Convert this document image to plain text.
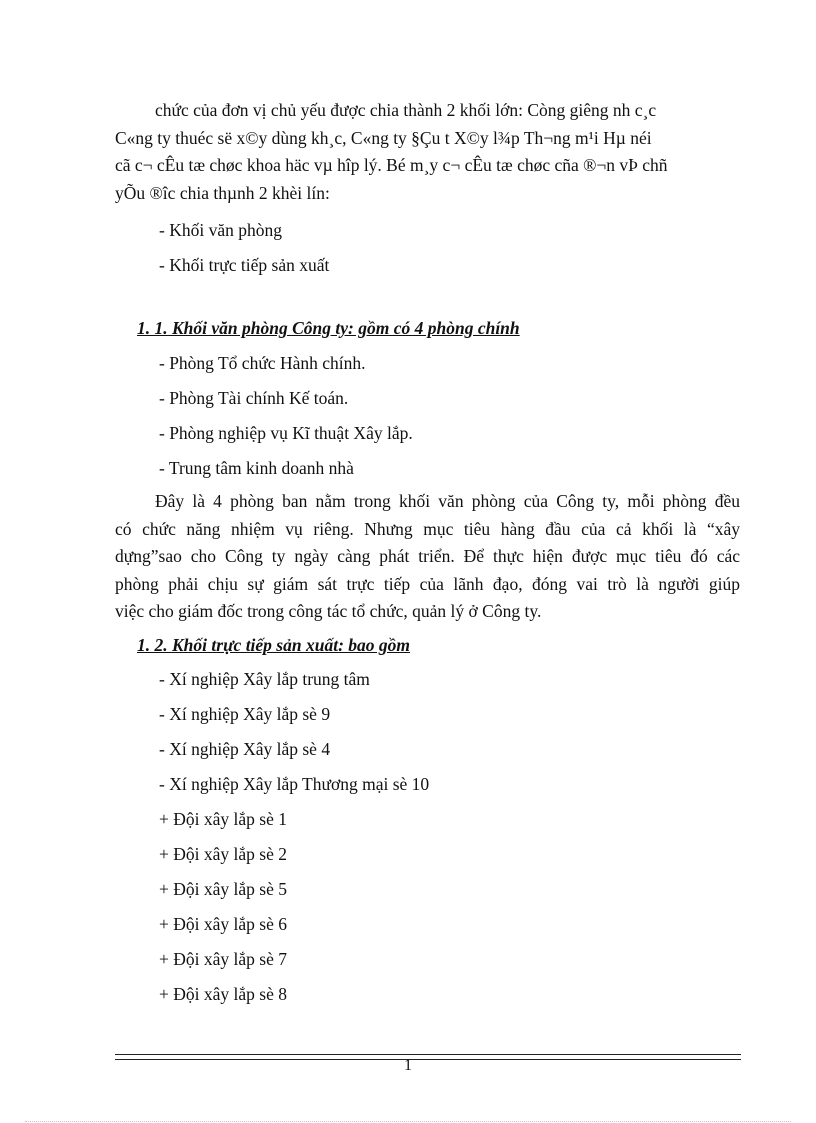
chức của đơn vị chủ yếu được chia thành 2 khối lớn: Còng giêng nh c¸c
C«ng ty thuéc së x©y dùng kh¸c, C«ng ty §Çu t X©y l¾p Th¬ng m¹i Hµ néi
cã c¬ cÊu tæ chøc khoa häc vµ hîp lý. Bé m¸y c¬ cÊu tæ chøc cña ®¬n vÞ chñ
yÕu ®îc chia thµnh 2 khèi lín:
- Khối văn phòng
- Khối trực tiếp sản xuất
1. 1. Khối văn phòng Công ty: gồm có 4 phòng chính
- Phòng Tổ chức Hành chính.
- Phòng Tài chính Kế toán.
- Phòng nghiệp vụ Kĩ thuật Xây lắp.
- Trung tâm kinh doanh nhà
Đây là 4 phòng ban nằm trong khối văn phòng của Công ty, mỗi phòng đều
có chức năng nhiệm vụ riêng. Nhưng mục tiêu hàng đầu của cả khối là “xây
dựng”sao cho Công ty ngày càng phát triển. Để thực hiện được mục tiêu đó các
phòng phải chịu sự giám sát trực tiếp của lãnh đạo, đóng vai trò là người giúp
việc cho giám đốc trong công tác tổ chức, quản lý ở Công ty.
1. 2. Khối trực tiếp sản xuất: bao gồm
- Xí nghiệp Xây lắp trung tâm
- Xí nghiệp Xây lắp sè 9
- Xí nghiệp Xây lắp sè 4
- Xí nghiệp Xây lắp Thương mại sè 10
+ Đội xây lắp sè 1
+ Đội xây lắp sè 2
+ Đội xây lắp sè 5
+ Đội xây lắp sè 6
+ Đội xây lắp sè 7
+ Đội xây lắp sè 8
1
